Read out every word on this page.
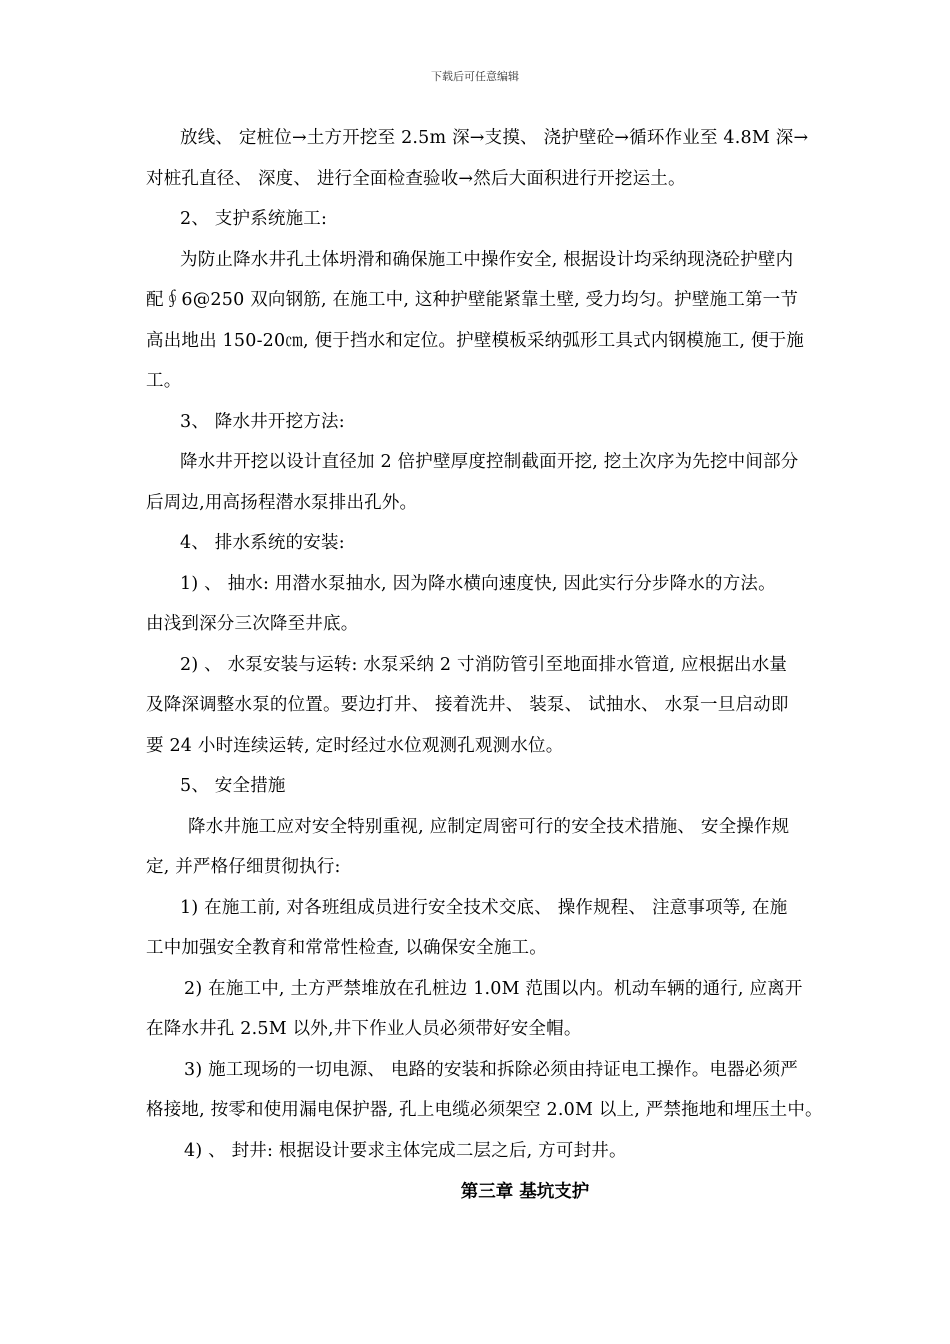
下载后可任意编辑
放线、 定桩位→土方开挖至 2.5m 深→支摸、 浇护壁砼→循环作业至 4.8M 深→
对桩孔直径、 深度、 进行全面检查验收→然后大面积进行开挖运土。
2、 支护系统施工:
为防止降水井孔土体坍滑和确保施工中操作安全, 根据设计均采纳现浇砼护壁内
配∮6@250 双向钢筋, 在施工中, 这种护壁能紧靠土壁, 受力均匀。护壁施工第一节
高出地出 150-20㎝, 便于挡水和定位。护壁模板采纳弧形工具式内钢模施工, 便于施
工。
3、 降水井开挖方法:
降水井开挖以设计直径加 2 倍护壁厚度控制截面开挖, 挖土次序为先挖中间部分
后周边,用高扬程潜水泵排出孔外。
4、 排水系统的安装:
1) 、 抽水: 用潜水泵抽水, 因为降水横向速度快, 因此实行分步降水的方法。
由浅到深分三次降至井底。
2) 、 水泵安装与运转: 水泵采纳 2 寸消防管引至地面排水管道, 应根据出水量
及降深调整水泵的位置。要边打井、 接着洗井、 装泵、 试抽水、 水泵一旦启动即
要 24 小时连续运转, 定时经过水位观测孔观测水位。
5、 安全措施
降水井施工应对安全特别重视, 应制定周密可行的安全技术措施、 安全操作规
定, 并严格仔细贯彻执行:
1) 在施工前, 对各班组成员进行安全技术交底、 操作规程、 注意事项等, 在施
工中加强安全教育和常常性检查, 以确保安全施工。
2) 在施工中, 土方严禁堆放在孔桩边 1.0M 范围以内。机动车辆的通行, 应离开
在降水井孔 2.5M 以外,井下作业人员必须带好安全帽。
3) 施工现场的一切电源、 电路的安装和拆除必须由持证电工操作。电器必须严
格接地, 按零和使用漏电保护器, 孔上电缆必须架空 2.0M 以上, 严禁拖地和埋压土中。
4) 、 封井: 根据设计要求主体完成二层之后, 方可封井。
第三章 基坑支护
